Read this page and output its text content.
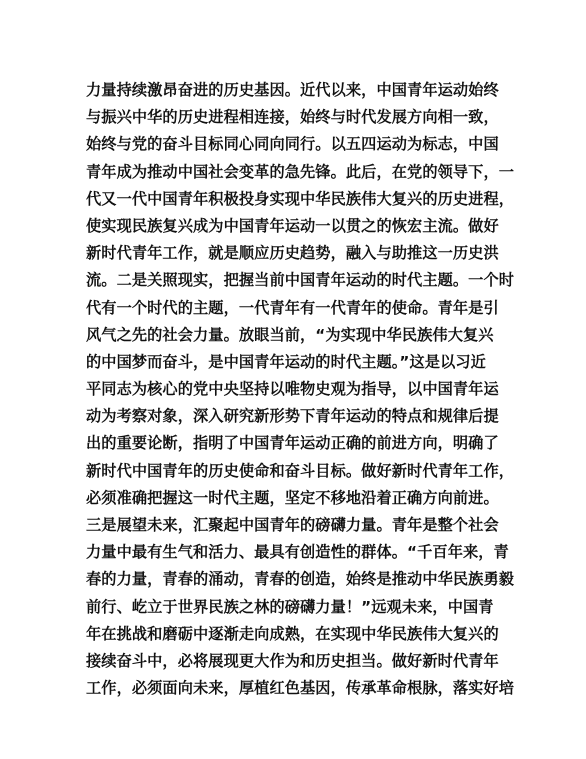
力量持续激昂奋进的历史基因。近代以来，中国青年运动始终
与振兴中华的历史进程相连接，始终与时代发展方向相一致，
始终与党的奋斗目标同心同向同行。以五四运动为标志，中国
青年成为推动中国社会变革的急先锋。此后，在党的领导下，一
代又一代中国青年积极投身实现中华民族伟大复兴的历史进程，
使实现民族复兴成为中国青年运动一以贯之的恢宏主流。做好
新时代青年工作，就是顺应历史趋势，融入与助推这一历史洪
流。二是关照现实，把握当前中国青年运动的时代主题。一个时
代有一个时代的主题，一代青年有一代青年的使命。青年是引
风气之先的社会力量。放眼当前，“为实现中华民族伟大复兴
的中国梦而奋斗，是中国青年运动的时代主题。”这是以习近
平同志为核心的党中央坚持以唯物史观为指导，以中国青年运
动为考察对象，深入研究新形势下青年运动的特点和规律后提
出的重要论断，指明了中国青年运动正确的前进方向，明确了
新时代中国青年的历史使命和奋斗目标。做好新时代青年工作，
必须准确把握这一时代主题，坚定不移地沿着正确方向前进。
三是展望未来，汇聚起中国青年的磅礴力量。青年是整个社会
力量中最有生气和活力、最具有创造性的群体。“千百年来，青
春的力量，青春的涌动，青春的创造，始终是推动中华民族勇毅
前行、屹立于世界民族之林的磅礴力量！”远观未来，中国青
年在挑战和磨砺中逐渐走向成熟，在实现中华民族伟大复兴的
接续奋斗中，必将展现更大作为和历史担当。做好新时代青年
工作，必须面向未来，厚植红色基因，传承革命根脉，落实好培
